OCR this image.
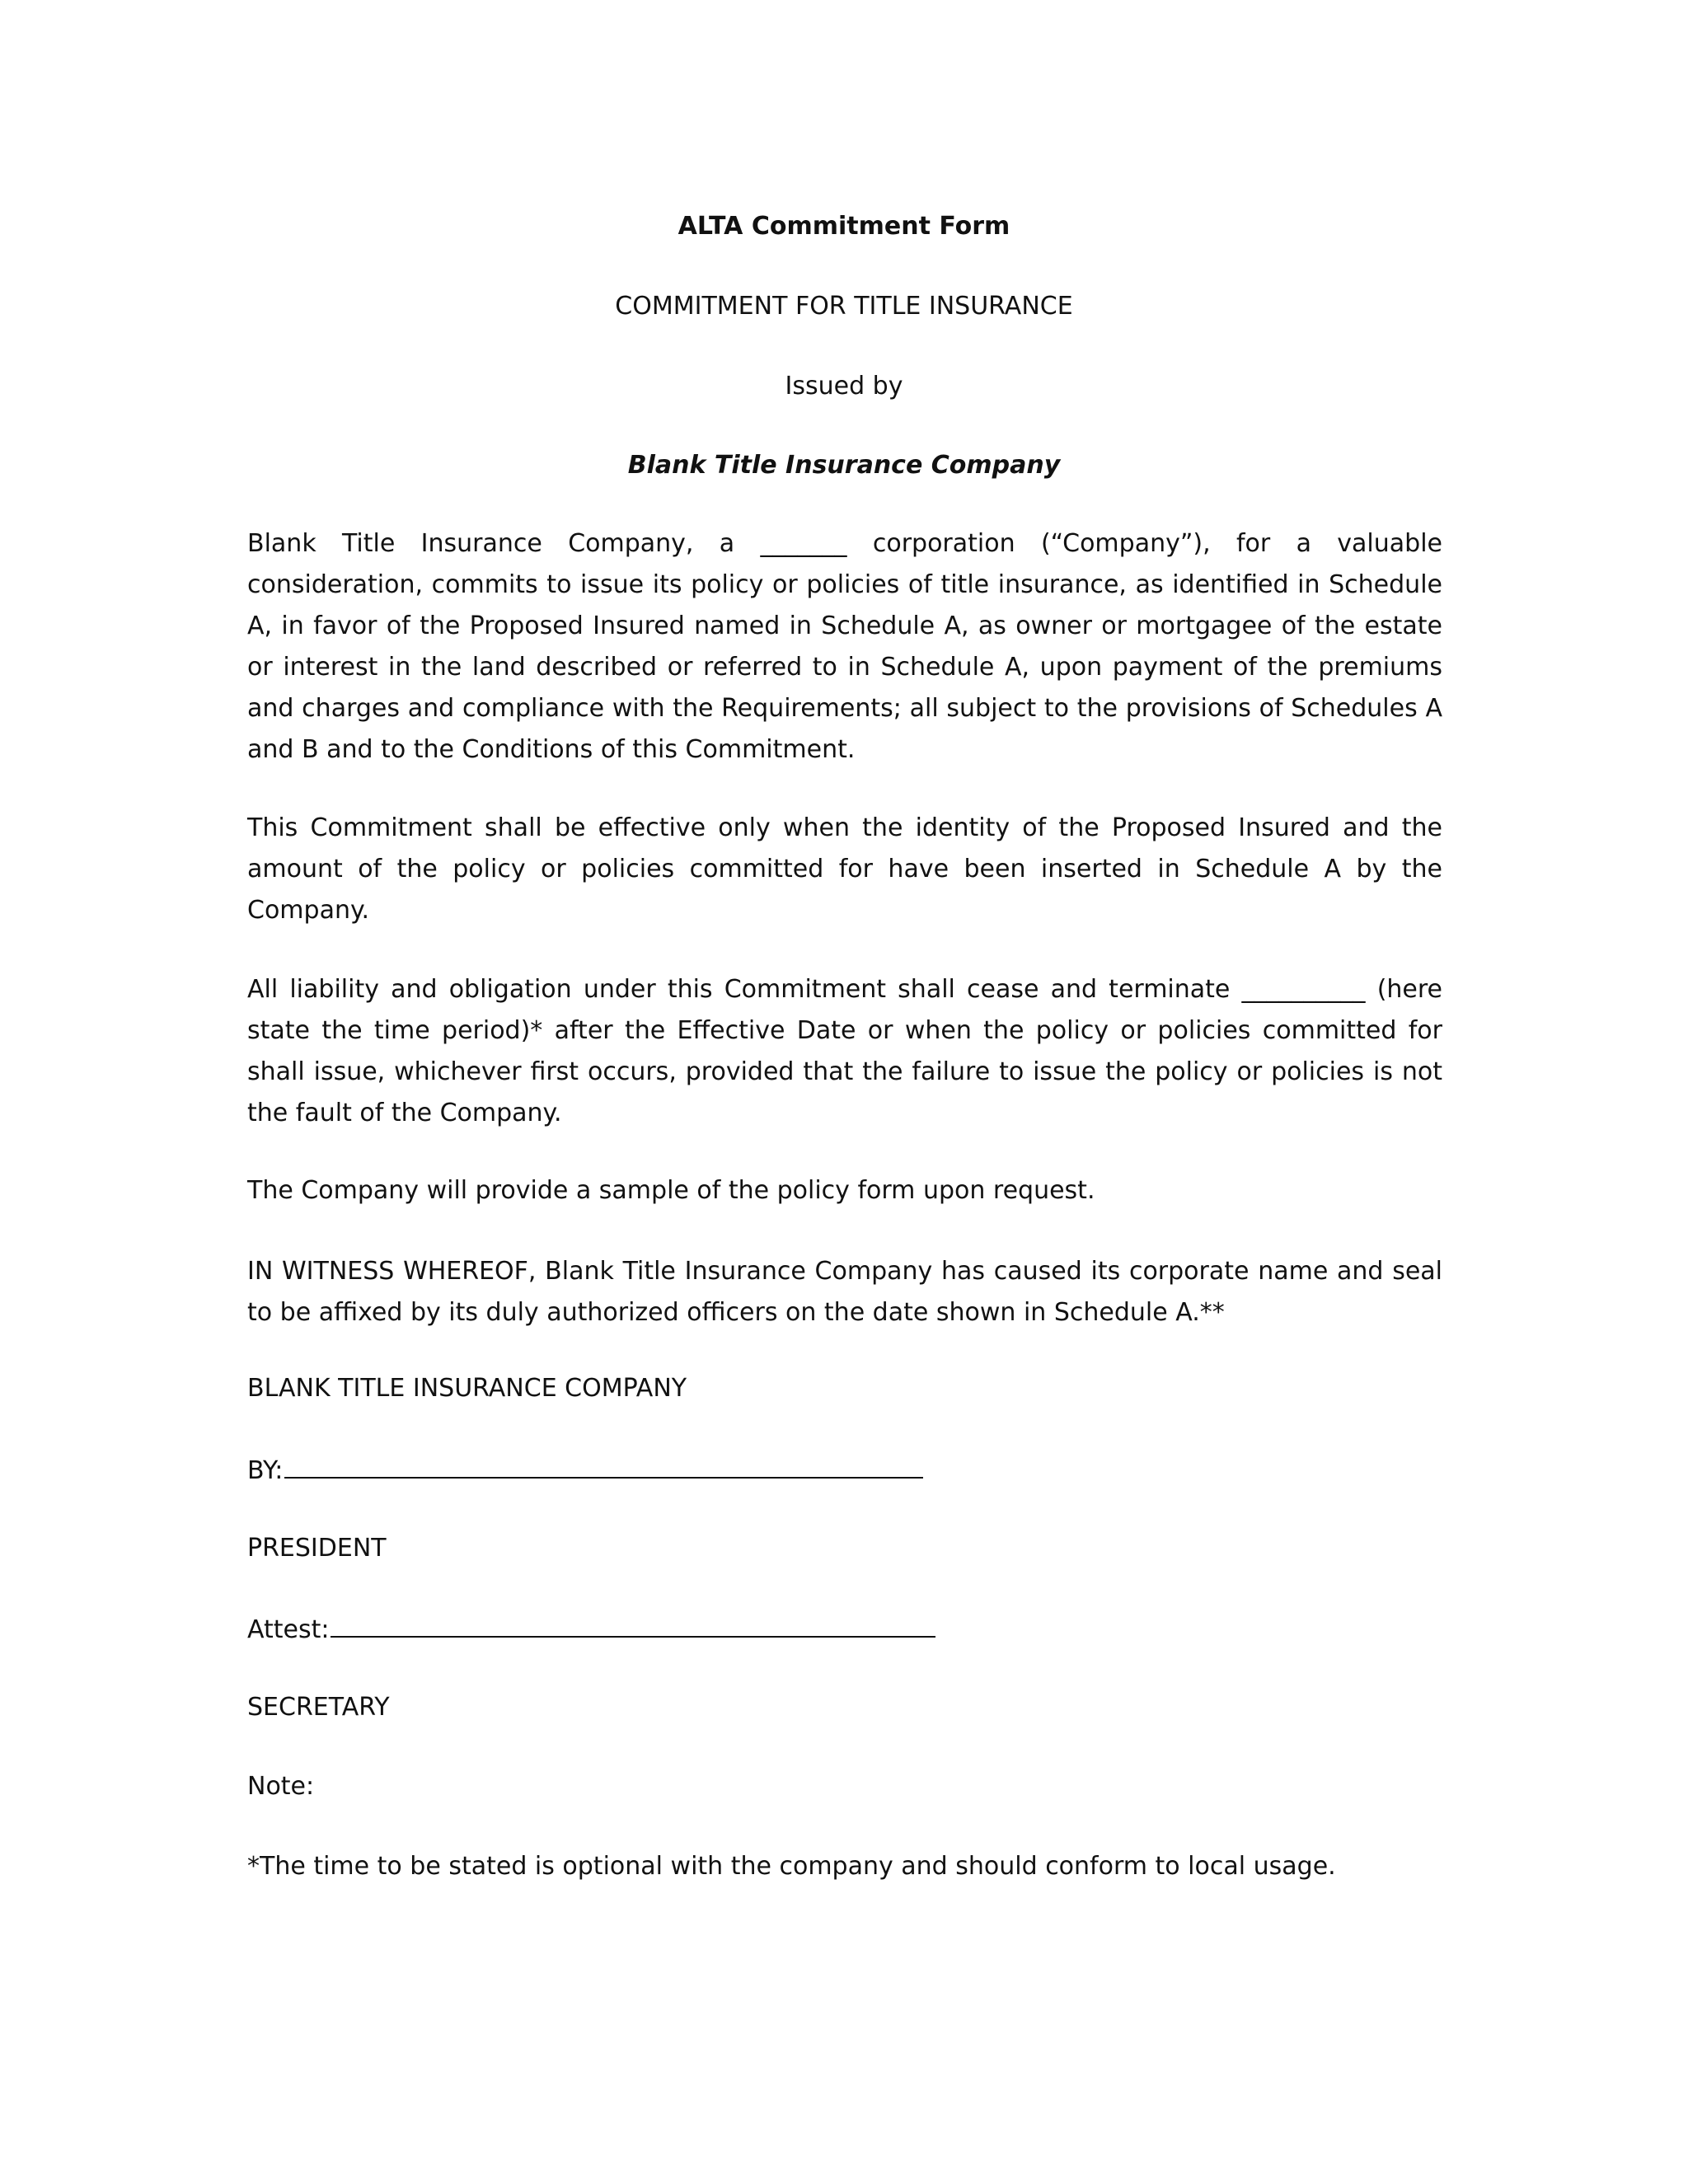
ALTA Commitment Form
COMMITMENT FOR TITLE INSURANCE
Issued by
Blank Title Insurance Company
Blank Title Insurance Company, a _______ corporation (“Company”), for a valuable consideration, commits to issue its policy or policies of title insurance, as identified in Schedule A, in favor of the Proposed Insured named in Schedule A, as owner or mortgagee of the estate or interest in the land described or referred to in Schedule A, upon payment of the premiums and charges and compliance with the Requirements; all subject to the provisions of Schedules A and B and to the Conditions of this Commitment.
This Commitment shall be effective only when the identity of the Proposed Insured and the amount of the policy or policies committed for have been inserted in Schedule A by the Company.
All liability and obligation under this Commitment shall cease and terminate __________ (here state the time period)* after the Effective Date or when the policy or policies committed for shall issue, whichever first occurs, provided that the failure to issue the policy or policies is not the fault of the Company.
The Company will provide a sample of the policy form upon request.
IN WITNESS WHEREOF, Blank Title Insurance Company has caused its corporate name and seal to be affixed by its duly authorized officers on the date shown in Schedule A.**
BLANK TITLE INSURANCE COMPANY
BY:
PRESIDENT
Attest:
SECRETARY
Note:
*The time to be stated is optional with the company and should conform to local usage.
